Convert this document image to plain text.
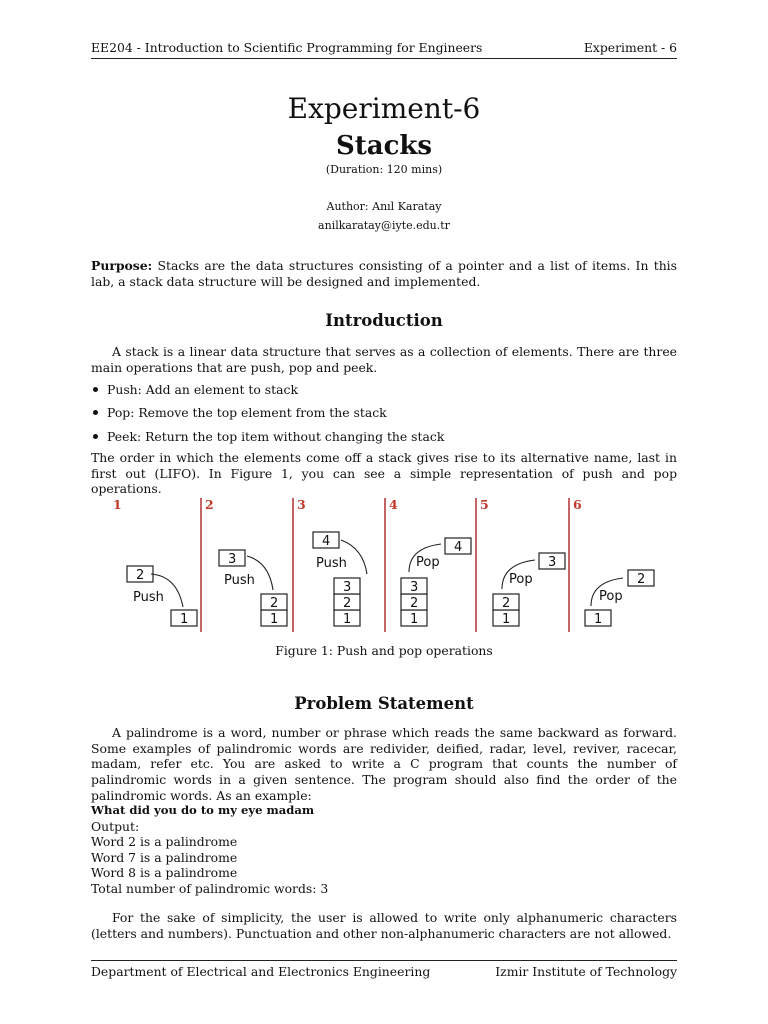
EE204 - Introduction to Scientific Programming for Engineers	Experiment - 6
Experiment-6
Stacks
(Duration: 120 mins)
Author: Anıl Karatay
anilkaratay@iyte.edu.tr
Purpose: Stacks are the data structures consisting of a pointer and a list of items. In this lab, a stack data structure will be designed and implemented.
Introduction
A stack is a linear data structure that serves as a collection of elements. There are three main operations that are push, pop and peek.
Push: Add an element to stack
Pop: Remove the top element from the stack
Peek: Return the top item without changing the stack
The order in which the elements come off a stack gives rise to its alternative name, last in first out (LIFO). In Figure 1, you can see a simple representation of push and pop operations.
1	2	3	4	5	6
1
2
Push
1
2
3
Push
1
2
3
4
Push
1
2
3
4
Pop
1
2
3
Pop
1
2
Pop
Figure 1: Push and pop operations
Problem Statement
A palindrome is a word, number or phrase which reads the same backward as forward. Some examples of palindromic words are redivider, deified, radar, level, reviver, racecar, madam, refer etc. You are asked to write a C program that counts the number of palindromic words in a given sentence. The program should also find the order of the palindromic words. As an example:
What did you do to my eye madam
Output:
Word 2 is a palindrome
Word 7 is a palindrome
Word 8 is a palindrome
Total number of palindromic words: 3
For the sake of simplicity, the user is allowed to write only alphanumeric characters (letters and numbers). Punctuation and other non-alphanumeric characters are not allowed.
Department of Electrical and Electronics Engineering	Izmir Institute of Technology
